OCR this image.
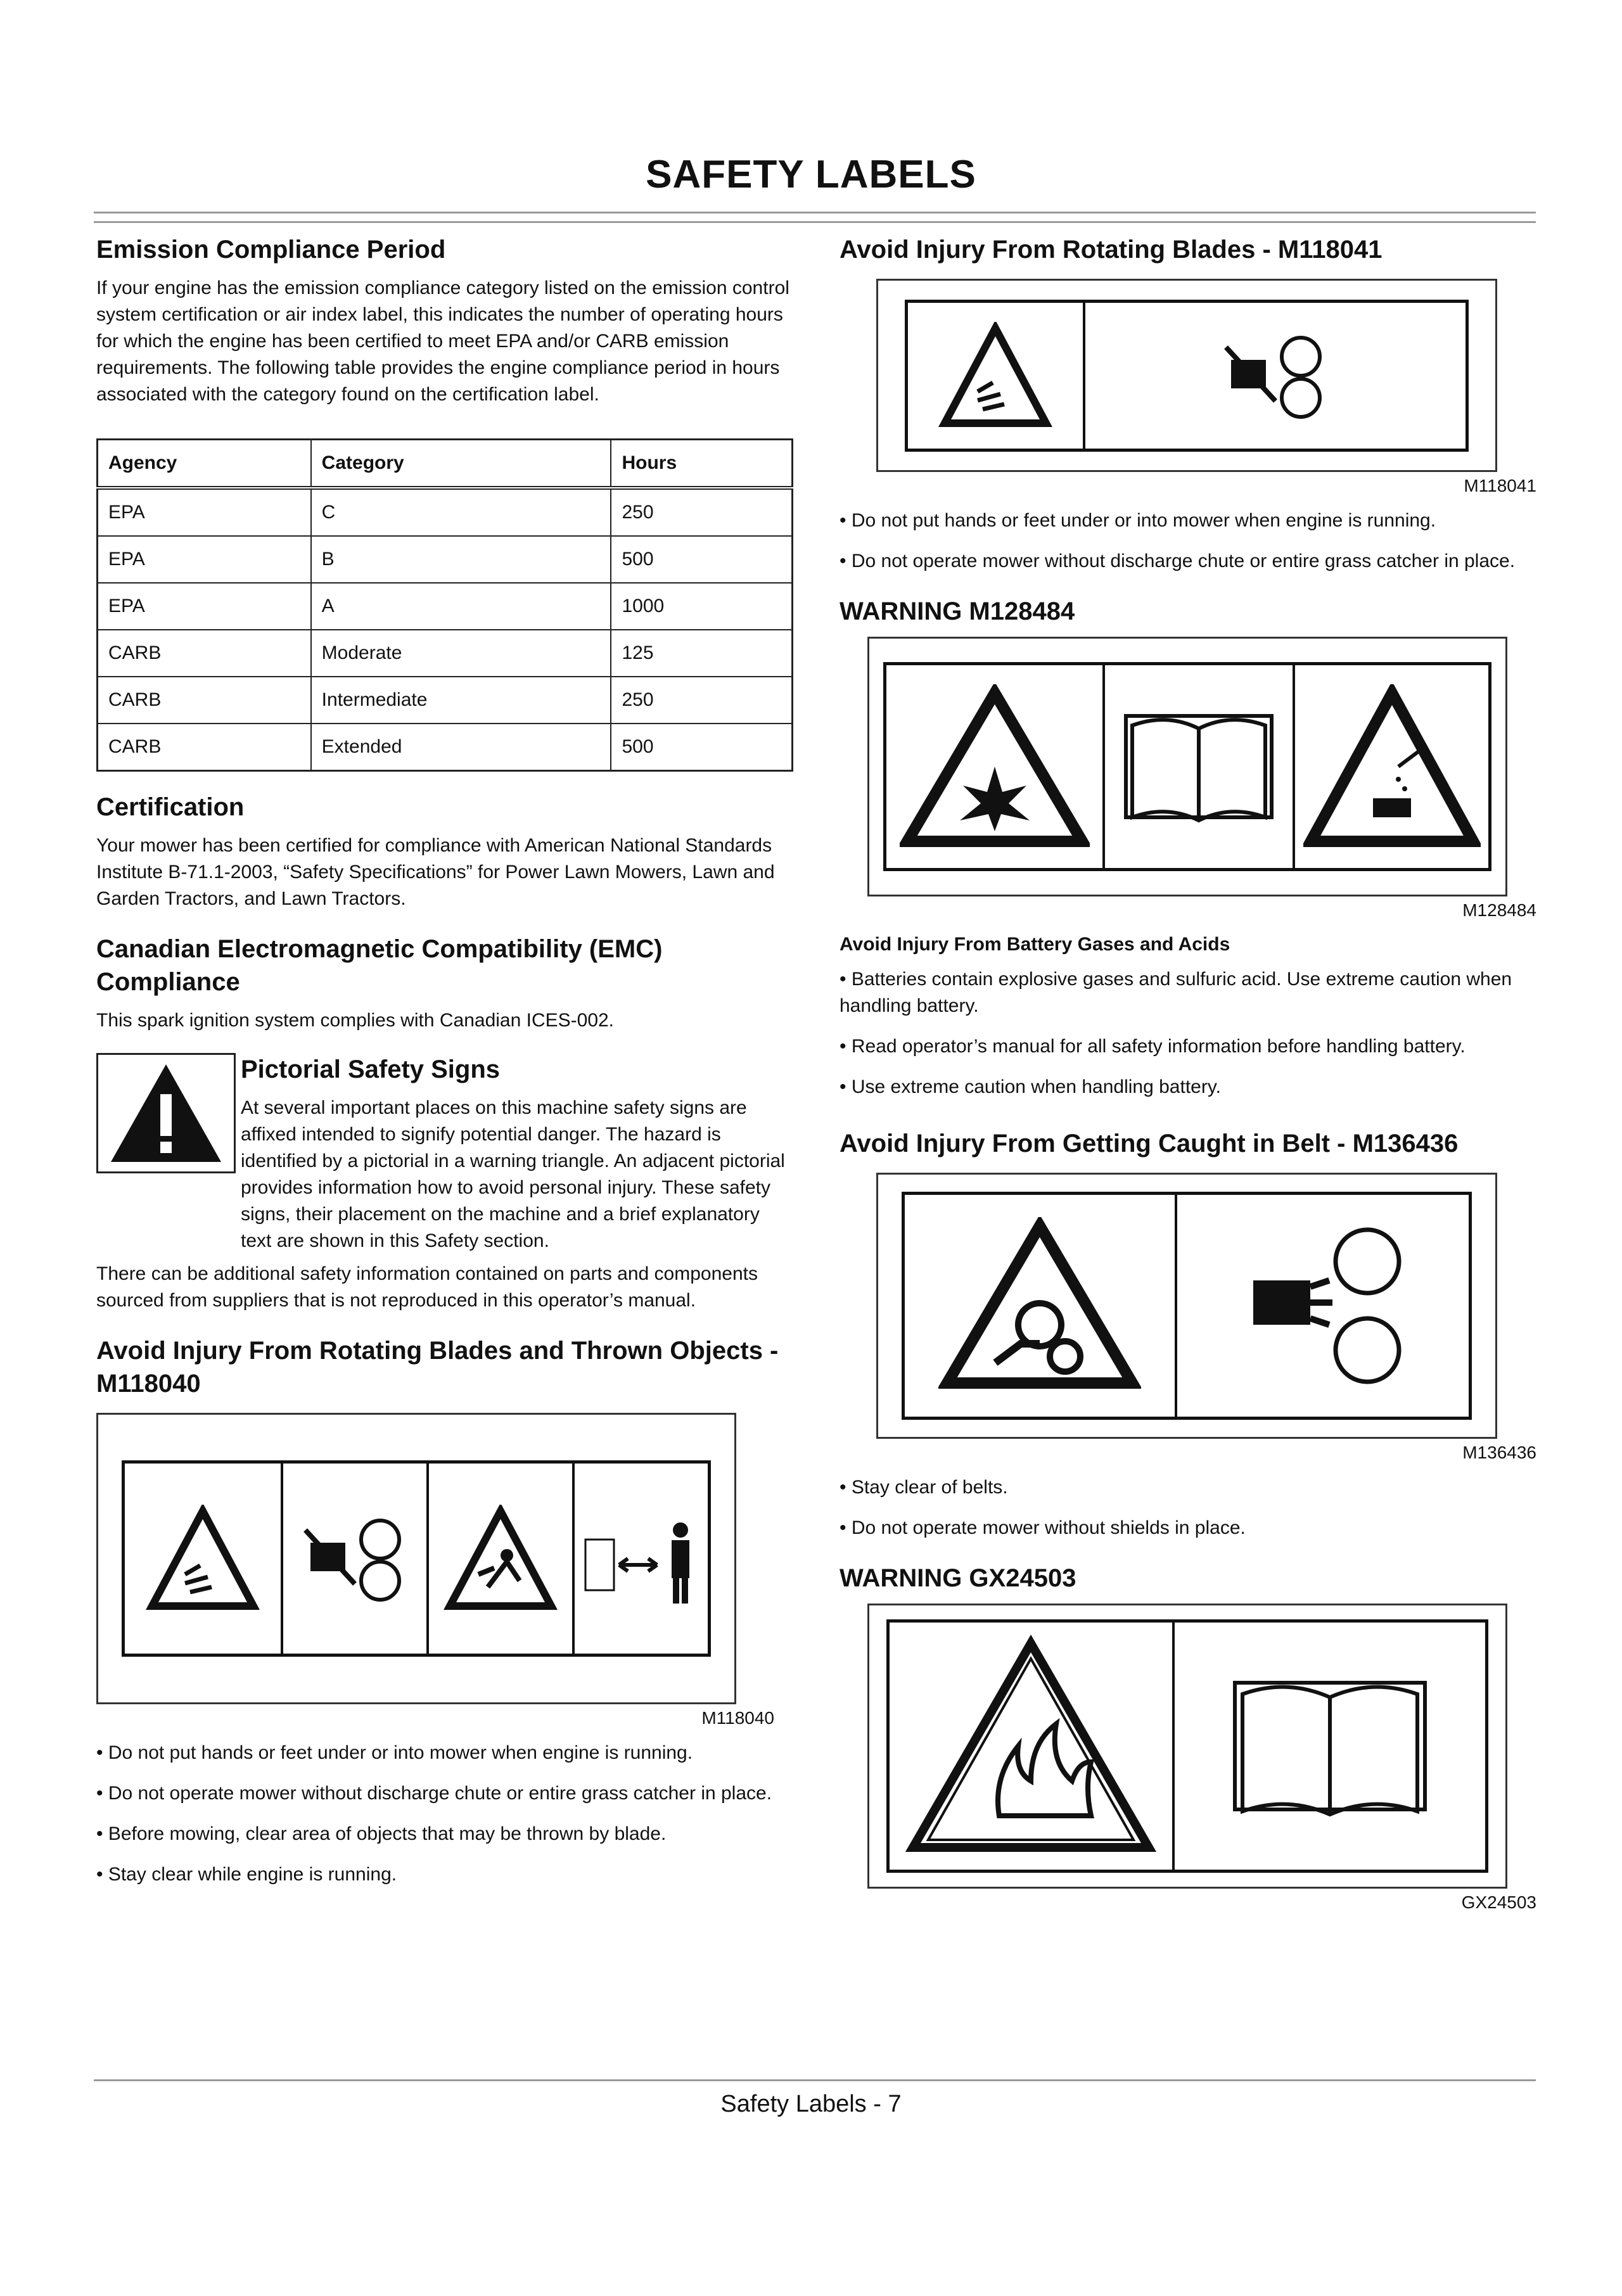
SAFETY LABELS
Emission Compliance Period

If your engine has the emission compliance category listed on the emission control system certification or air index label, this indicates the number of operating hours for which the engine has been certified to meet EPA and/or CARB emission requirements. The following table provides the engine compliance period in hours associated with the category found on the certification label.

Agency	Category	Hours
EPA	C	250
EPA	B	500
EPA	A	1000
CARB	Moderate	125
CARB	Intermediate	250
CARB	Extended	500
Certification

Your mower has been certified for compliance with American National Standards Institute B-71.1-2003, “Safety Specifications” for Power Lawn Mowers, Lawn and Garden Tractors, and Lawn Tractors.

Canadian Electromagnetic Compatibility (EMC) Compliance

This spark ignition system complies with Canadian ICES-002.

Pictorial Safety Signs

At several important places on this machine safety signs are affixed intended to signify potential danger. The hazard is identified by a pictorial in a warning triangle. An adjacent pictorial provides information how to avoid personal injury. These safety signs, their placement on the machine and a brief explanatory text are shown in this Safety section.

There can be additional safety information contained on parts and components sourced from suppliers that is not reproduced in this operator’s manual.

Avoid Injury From Rotating Blades and Thrown Objects - M118040
M118040

• Do not put hands or feet under or into mower when engine is running.

• Do not operate mower without discharge chute or entire grass catcher in place.

• Before mowing, clear area of objects that may be thrown by blade.

• Stay clear while engine is running.

Avoid Injury From Rotating Blades - M118041
M118041

• Do not put hands or feet under or into mower when engine is running.

• Do not operate mower without discharge chute or entire grass catcher in place.

WARNING M128484
M128484
Avoid Injury From Battery Gases and Acids

• Batteries contain explosive gases and sulfuric acid. Use extreme caution when handling battery.

• Read operator’s manual for all safety information before handling battery.

• Use extreme caution when handling battery.

Avoid Injury From Getting Caught in Belt - M136436
M136436

• Stay clear of belts.

• Do not operate mower without shields in place.

WARNING GX24503
GX24503
Safety Labels - 7
